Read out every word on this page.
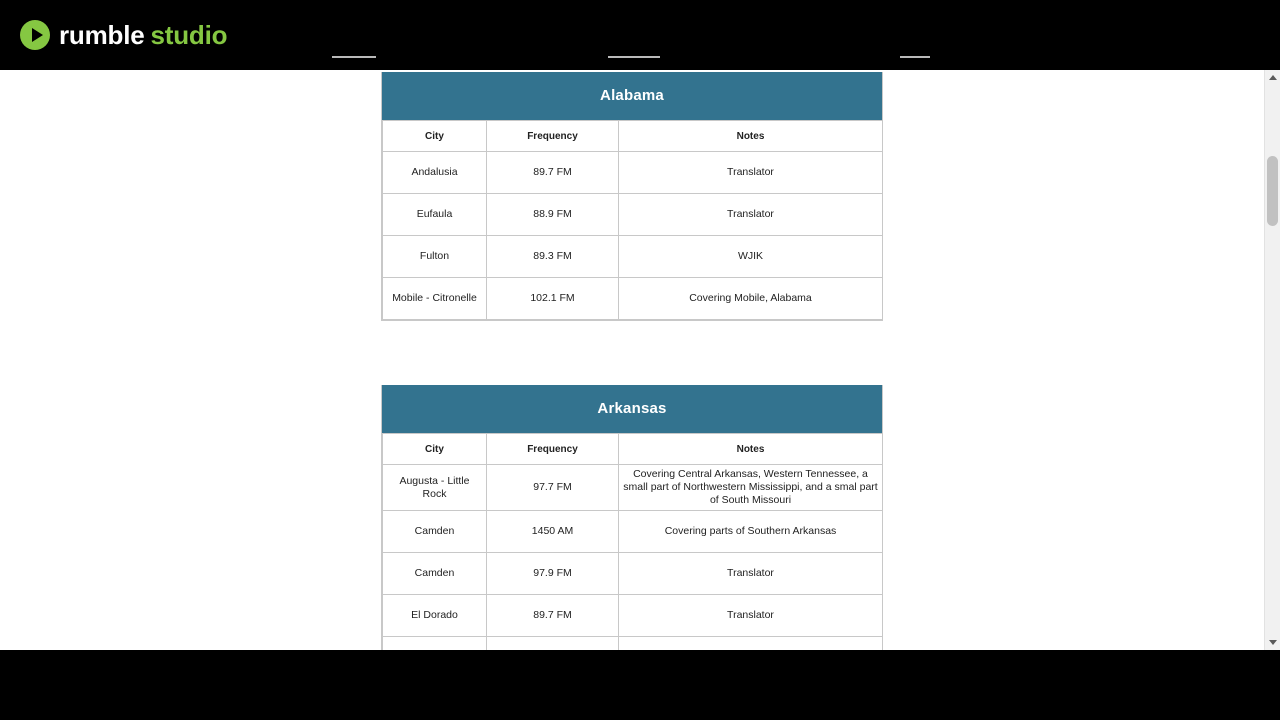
rumble studio
Alabama
City	Frequency	Notes
Andalusia	89.7 FM	Translator
Eufaula	88.9 FM	Translator
Fulton	89.3 FM	WJIK
Mobile - Citronelle	102.1 FM	Covering Mobile, Alabama
Arkansas
City	Frequency	Notes
Augusta - Little Rock	97.7 FM	Covering Central Arkansas, Western Tennessee, a small part of Northwestern Mississippi, and a smal part of South Missouri
Camden	1450 AM	Covering parts of Southern Arkansas
Camden	97.9 FM	Translator
El Dorado	89.7 FM	Translator
